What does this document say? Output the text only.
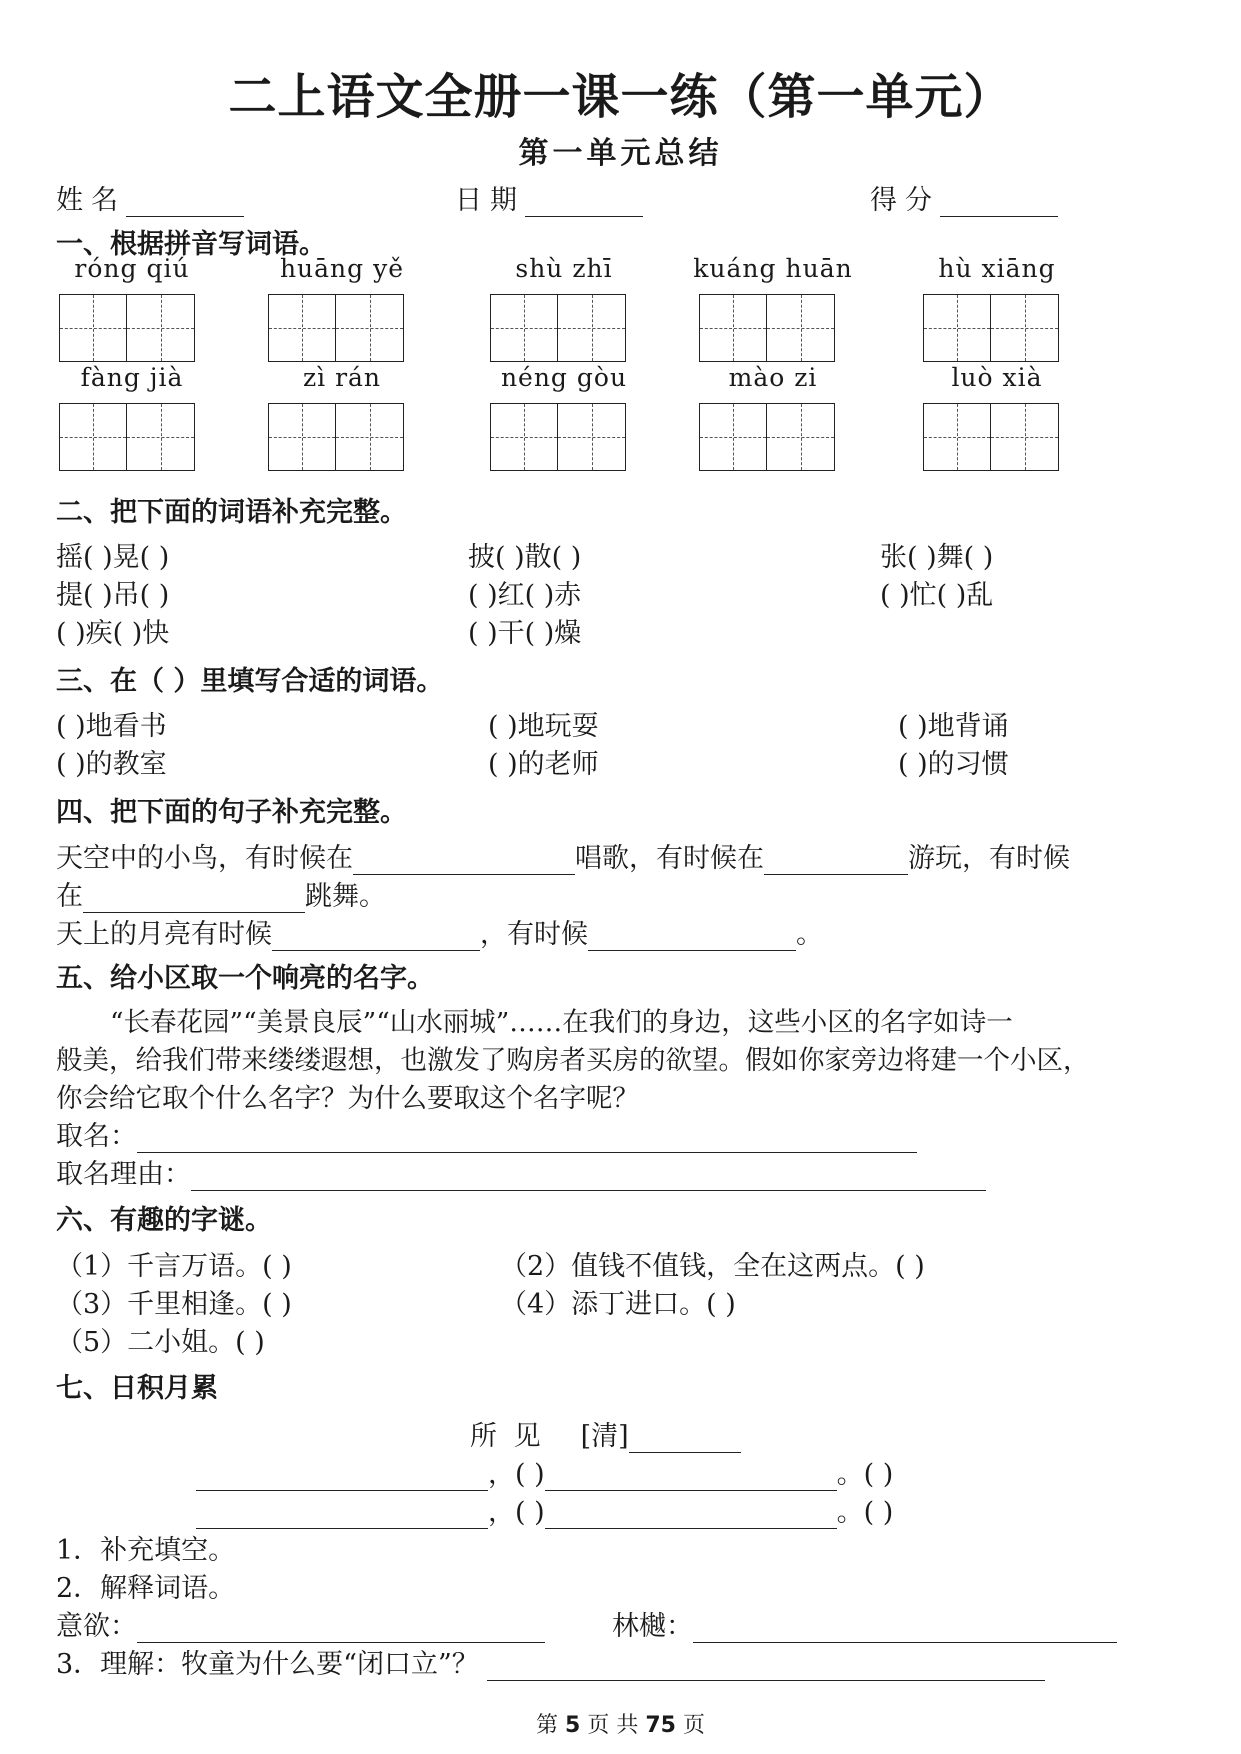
二上语文全册一课一练（第一单元）
第一单元总结
姓名	日期	得分
一、根据拼音写词语。
róng qiú	huāng yě	shù zhī	kuáng huān	hù xiāng
fàng jià	zì rán	néng gòu	mào zi	luò xià
二、把下面的词语补充完整。
摇( )晃( )	披( )散( )	张( )舞( )
提( )吊( )	( )红( )赤	( )忙( )乱
( )疾( )快	( )干( )燥
三、在（ ）里填写合适的词语。
( )地看书	( )地玩耍	( )地背诵
( )的教室	( )的老师	( )的习惯
四、把下面的句子补充完整。
天空中的小鸟，有时候在	唱歌，有时候在	游玩，有时候
在	跳舞。
天上的月亮有时候	，有时候	。
五、给小区取一个响亮的名字。
“长春花园”“美景良辰”“山水丽城”……在我们的身边，这些小区的名字如诗一
般美，给我们带来缕缕遐想，也激发了购房者买房的欲望。假如你家旁边将建一个小区，
你会给它取个什么名字？为什么要取这个名字呢？
取名：
取名理由：
六、有趣的字谜。
（1）千言万语。( )	（2）值钱不值钱，全在这两点。( )
（3）千里相逢。( )	（4）添丁进口。( )
（5）二小姐。( )
七、日积月累
所 见 [清]
，( )	。( )
，( )	。( )
1．补充填空。
2．解释词语。
意欲：	林樾：
3．理解：牧童为什么要“闭口立”？
第 5 页 共 75 页
